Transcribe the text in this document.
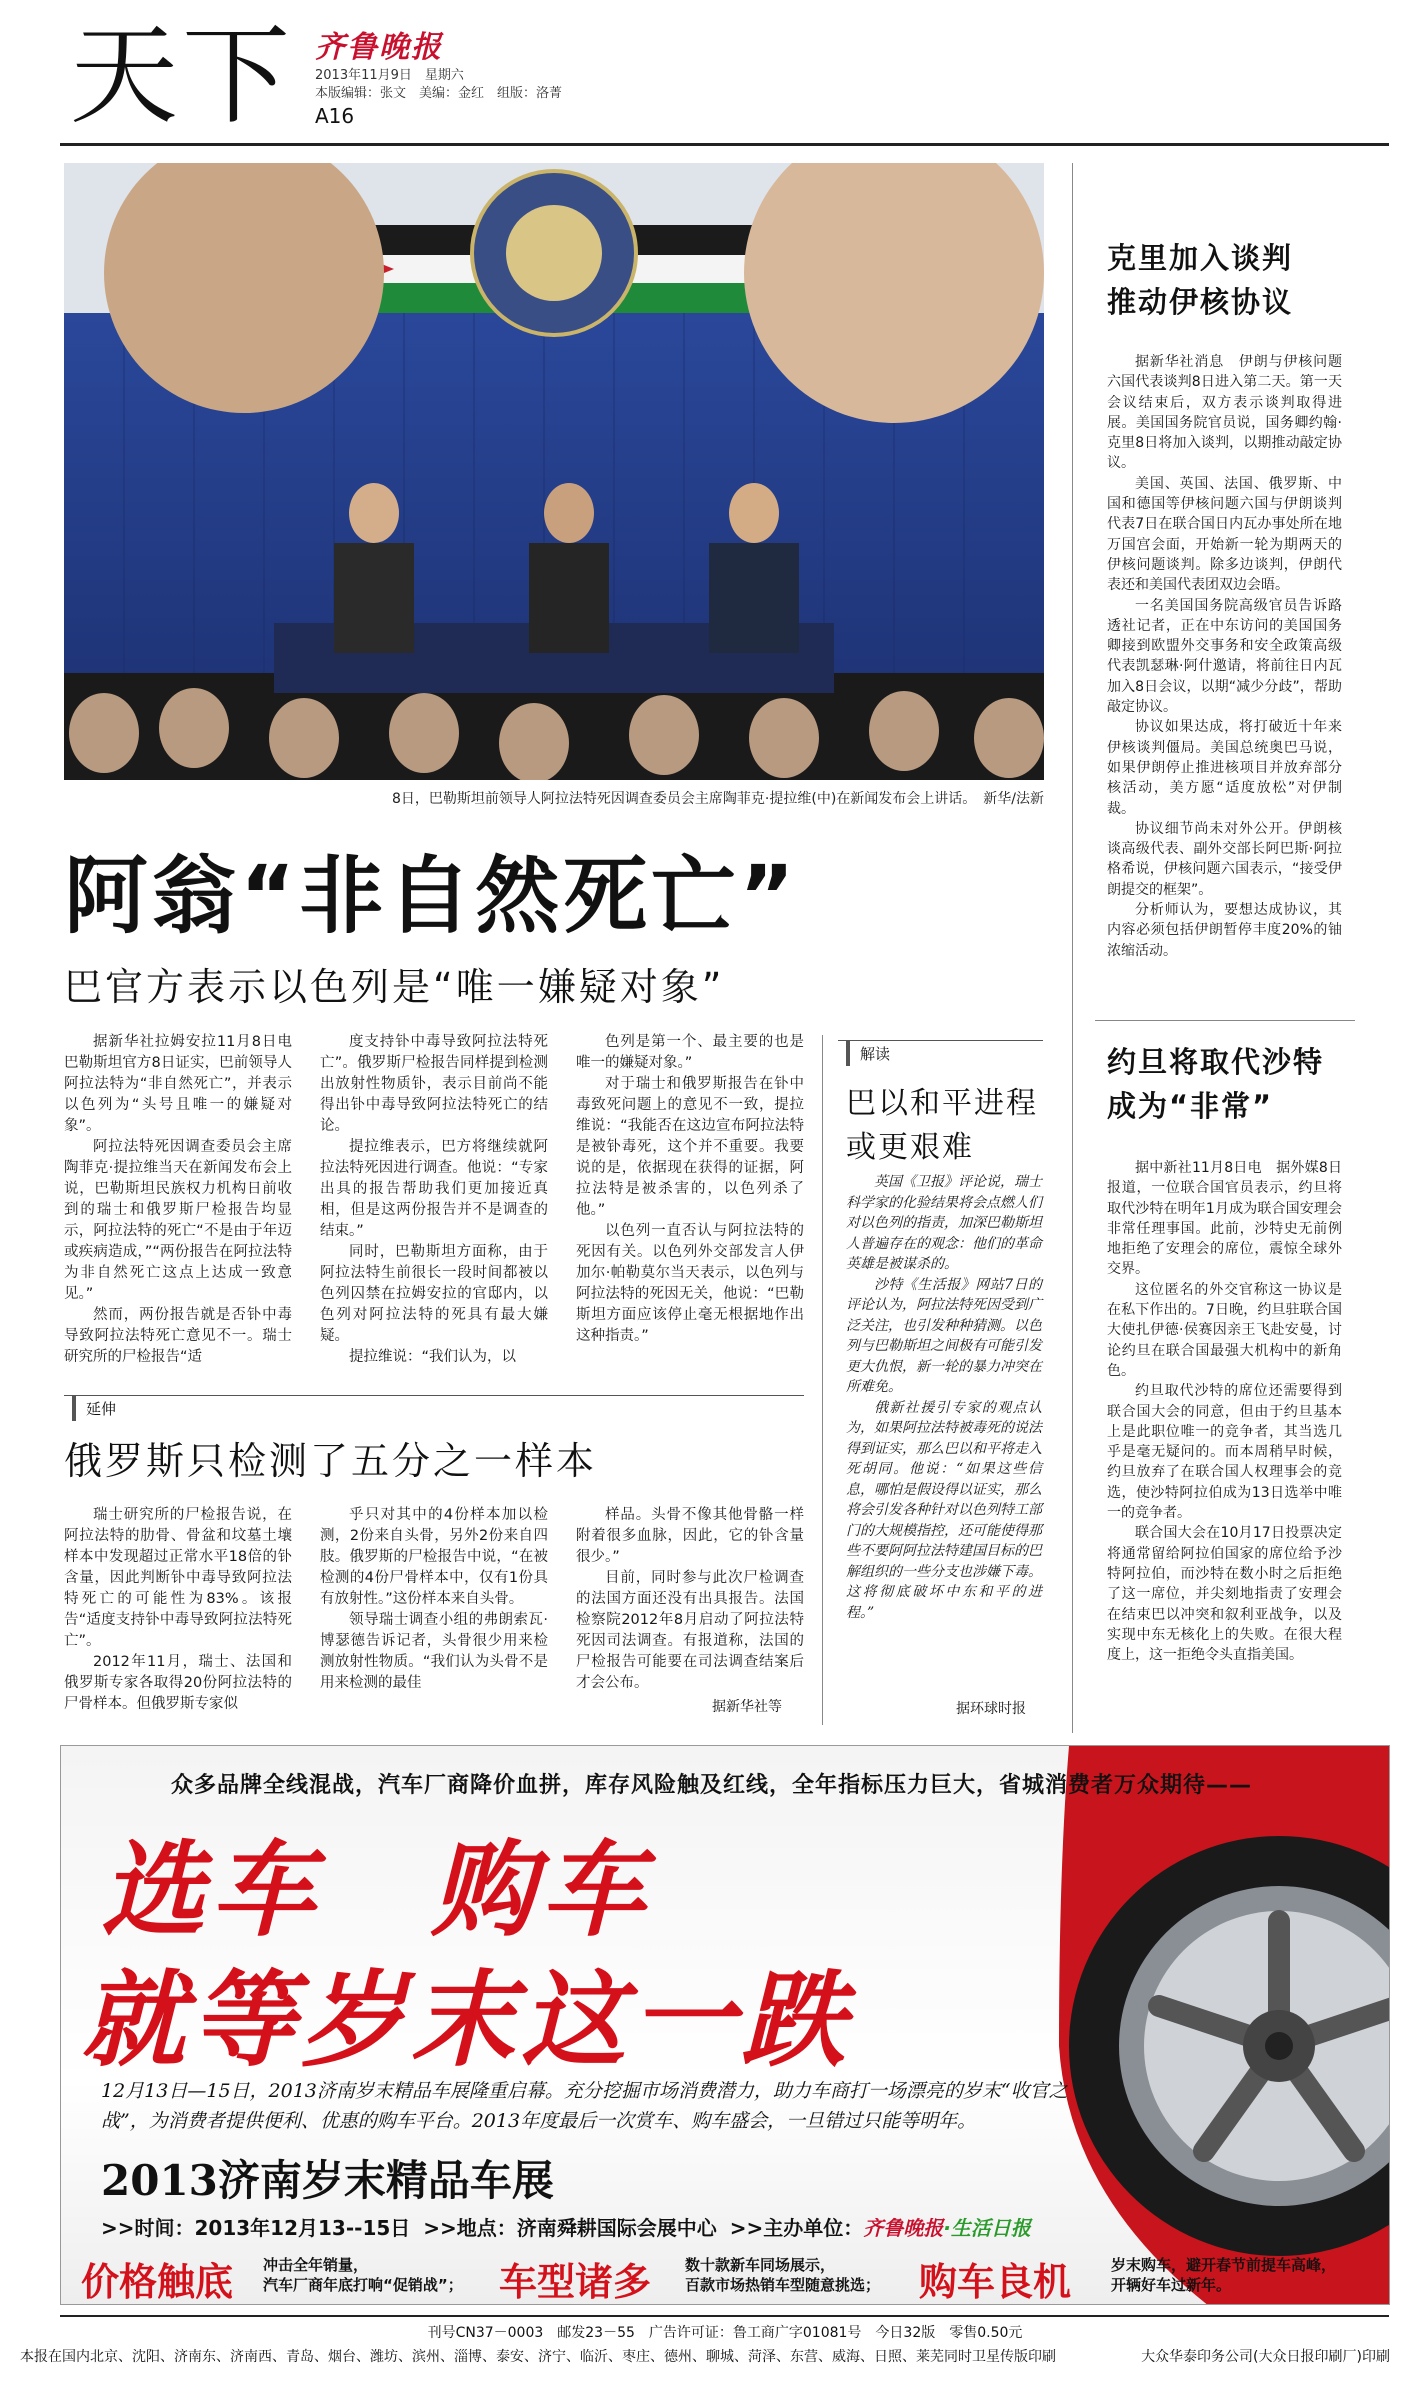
天下 齐鲁晚报
2013年11月9日　星期六
本版编辑：张文　美编：金红　组版：洛菁
A16
8日，巴勒斯坦前领导人阿拉法特死因调查委员会主席陶菲克·提拉维(中)在新闻发布会上讲话。　新华/法新
阿翁“非自然死亡”
巴官方表示以色列是“唯一嫌疑对象”

据新华社拉姆安拉11月8日电　巴勒斯坦官方8日证实，巴前领导人阿拉法特为“非自然死亡”，并表示以色列为“头号且唯一的嫌疑对象”。

阿拉法特死因调查委员会主席陶菲克·提拉维当天在新闻发布会上说，巴勒斯坦民族权力机构日前收到的瑞士和俄罗斯尸检报告均显示，阿拉法特的死亡“不是由于年迈或疾病造成，”“两份报告在阿拉法特为非自然死亡这点上达成一致意见。”

然而，两份报告就是否钋中毒导致阿拉法特死亡意见不一。瑞士研究所的尸检报告“适

度支持钋中毒导致阿拉法特死亡”。俄罗斯尸检报告同样提到检测出放射性物质钋，表示目前尚不能得出钋中毒导致阿拉法特死亡的结论。

提拉维表示，巴方将继续就阿拉法特死因进行调查。他说：“专家出具的报告帮助我们更加接近真相，但是这两份报告并不是调查的结束。”

同时，巴勒斯坦方面称，由于阿拉法特生前很长一段时间都被以色列囚禁在拉姆安拉的官邸内，以色列对阿拉法特的死具有最大嫌疑。

提拉维说：“我们认为，以

色列是第一个、最主要的也是唯一的嫌疑对象。”

对于瑞士和俄罗斯报告在钋中毒致死问题上的意见不一致，提拉维说：“我能否在这边宣布阿拉法特是被钋毒死，这个并不重要。我要说的是，依据现在获得的证据，阿拉法特是被杀害的，以色列杀了他。”

以色列一直否认与阿拉法特的死因有关。以色列外交部发言人伊加尔·帕勒莫尔当天表示，以色列与阿拉法特的死因无关，他说：“巴勒斯坦方面应该停止毫无根据地作出这种指责。”

延伸
俄罗斯只检测了五分之一样本

瑞士研究所的尸检报告说，在阿拉法特的肋骨、骨盆和坟墓土壤样本中发现超过正常水平18倍的钋含量，因此判断钋中毒导致阿拉法特死亡的可能性为83%。该报告“适度支持钋中毒导致阿拉法特死亡”。

2012年11月，瑞士、法国和俄罗斯专家各取得20份阿拉法特的尸骨样本。但俄罗斯专家似

乎只对其中的4份样本加以检测，2份来自头骨，另外2份来自四肢。俄罗斯的尸检报告中说，“在被检测的4份尸骨样本中，仅有1份具有放射性。”这份样本来自头骨。

领导瑞士调查小组的弗朗索瓦·博瑟德告诉记者，头骨很少用来检测放射性物质。“我们认为头骨不是用来检测的最佳

样品。头骨不像其他骨骼一样附着很多血脉，因此，它的钋含量很少。”

目前，同时参与此次尸检调查的法国方面还没有出具报告。法国检察院2012年8月启动了阿拉法特死因司法调查。有报道称，法国的尸检报告可能要在司法调查结案后才会公布。

据新华社等
解读
巴以和平进程
或更艰难

英国《卫报》评论说，瑞士科学家的化验结果将会点燃人们对以色列的指责，加深巴勒斯坦人普遍存在的观念：他们的革命英雄是被谋杀的。

沙特《生活报》网站7日的评论认为，阿拉法特死因受到广泛关注，也引发种种猜测。以色列与巴勒斯坦之间极有可能引发更大仇恨，新一轮的暴力冲突在所难免。

俄新社援引专家的观点认为，如果阿拉法特被毒死的说法得到证实，那么巴以和平将走入死胡同。他说：“如果这些信息，哪怕是假设得以证实，那么将会引发各种针对以色列特工部门的大规模指控，还可能使得那些不要阿阿拉法特建国目标的巴解组织的一些分支也涉嫌下毒。这将彻底破坏中东和平的进程。”

据环球时报
克里加入谈判
推动伊核协议

据新华社消息　伊朗与伊核问题六国代表谈判8日进入第二天。第一天会议结束后，双方表示谈判取得进展。美国国务院官员说，国务卿约翰·克里8日将加入谈判，以期推动敲定协议。

美国、英国、法国、俄罗斯、中国和德国等伊核问题六国与伊朗谈判代表7日在联合国日内瓦办事处所在地万国宫会面，开始新一轮为期两天的伊核问题谈判。除多边谈判，伊朗代表还和美国代表团双边会晤。

一名美国国务院高级官员告诉路透社记者，正在中东访问的美国国务卿接到欧盟外交事务和安全政策高级代表凯瑟琳·阿什邀请，将前往日内瓦加入8日会议，以期“减少分歧”，帮助敲定协议。

协议如果达成，将打破近十年来伊核谈判僵局。美国总统奥巴马说，如果伊朗停止推进核项目并放弃部分核活动，美方愿“适度放松”对伊制裁。

协议细节尚未对外公开。伊朗核谈高级代表、副外交部长阿巴斯·阿拉格希说，伊核问题六国表示，“接受伊朗提交的框架”。

分析师认为，要想达成协议，其内容必须包括伊朗暂停丰度20%的铀浓缩活动。

约旦将取代沙特
成为“非常”

据中新社11月8日电　据外媒8日报道，一位联合国官员表示，约旦将取代沙特在明年1月成为联合国安理会非常任理事国。此前，沙特史无前例地拒绝了安理会的席位，震惊全球外交界。

这位匿名的外交官称这一协议是在私下作出的。7日晚，约旦驻联合国大使扎伊德·侯赛因亲王飞赴安曼，讨论约旦在联合国最强大机构中的新角色。

约旦取代沙特的席位还需要得到联合国大会的同意，但由于约旦基本上是此职位唯一的竞争者，其当选几乎是毫无疑问的。而本周稍早时候，约旦放弃了在联合国人权理事会的竞选，使沙特阿拉伯成为13日选举中唯一的竞争者。

联合国大会在10月17日投票决定将通常留给阿拉伯国家的席位给予沙特阿拉伯，而沙特在数小时之后拒绝了这一席位，并尖刻地指责了安理会在结束巴以冲突和叙利亚战争，以及实现中东无核化上的失败。在很大程度上，这一拒绝令头直指美国。

众多品牌全线混战，汽车厂商降价血拼，库存风险触及红线，全年指标压力巨大，省城消费者万众期待——
选车　购车
就等岁末这一跌
12月13日—15日，2013济南岁末精品车展隆重启幕。充分挖掘市场消费潜力，助力车商打一场漂亮的岁末“收官之战”，为消费者提供便利、优惠的购车平台。2013年度最后一次赏车、购车盛会，一旦错过只能等明年。
2013济南岁末精品车展
>>时间：2013年12月13--15日 >>地点：济南舜耕国际会展中心 >>主办单位：齐鲁晚报·生活日报
价格触底 冲击全年销量，
汽车厂商年底打响“促销战”； 车型诸多 数十款新车同场展示，
百款市场热销车型随意挑选； 购车良机	岁末购车，避开春节前提车高峰，
开辆好车过新年。
刊号CN37－0003　邮发23－55　广告许可证：鲁工商广字01081号　今日32版　零售0.50元
本报在国内北京、沈阳、济南东、济南西、青岛、烟台、潍坊、滨州、淄博、泰安、济宁、临沂、枣庄、德州、聊城、菏泽、东营、威海、日照、莱芜同时卫星传版印刷	大众华泰印务公司(大众日报印刷厂)印刷
